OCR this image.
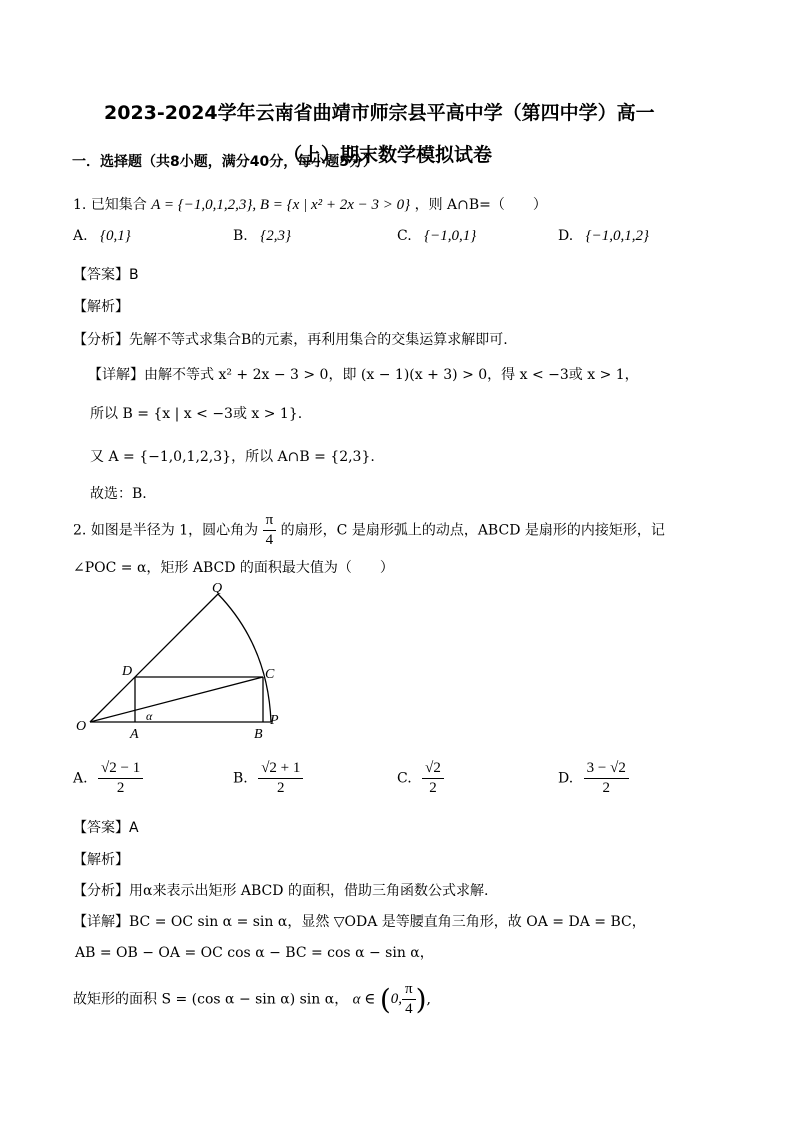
2023-2024学年云南省曲靖市师宗县平高中学（第四中学）高一
（上）期末数学模拟试卷
一．选择题（共8小题，满分40分，每小题5分）
1. 已知集合 A = {−1,0,1,2,3}, B = {x | x² + 2x − 3 > 0} ，则 A∩B=（　　）
A. {0,1}	B. {2,3}	C. {−1,0,1}	D. {−1,0,1,2}
【答案】B
【解析】
【分析】先解不等式求集合B的元素，再利用集合的交集运算求解即可.
【详解】由解不等式 x² + 2x − 3 > 0，即 (x − 1)(x + 3) > 0，得 x < −3或 x > 1，
所以 B = {x | x < −3或 x > 1}.
又 A = {−1,0,1,2,3}，所以 A∩B = {2,3}.
故选：B.
2. 如图是半径为 1，圆心角为 $\frac{\pi}{4}$ 的扇形，C 是扇形弧上的动点，ABCD 是扇形的内接矩形，记
∠POC = α，矩形 ABCD 的面积最大值为（　　）
Q
D	C
O
α	P
A	B
A. $\frac{√2 - 1}{2}$	B. $\frac{√2 + 1}{2}$	C. $\frac{√2}{2}$	D. $\frac{3 - √2}{2}$
【答案】A
【解析】
【分析】用α来表示出矩形 ABCD 的面积，借助三角函数公式求解.
【详解】BC = OC sin α = sin α，显然 ▽ODA 是等腰直角三角形，故 OA = DA = BC，
AB = OB − OA = OC cos α − BC = cos α − sin α，
故矩形的面积 S = (cos α − sin α) sin α， α ∈ (0, $\frac{\pi}{4}$ ),
